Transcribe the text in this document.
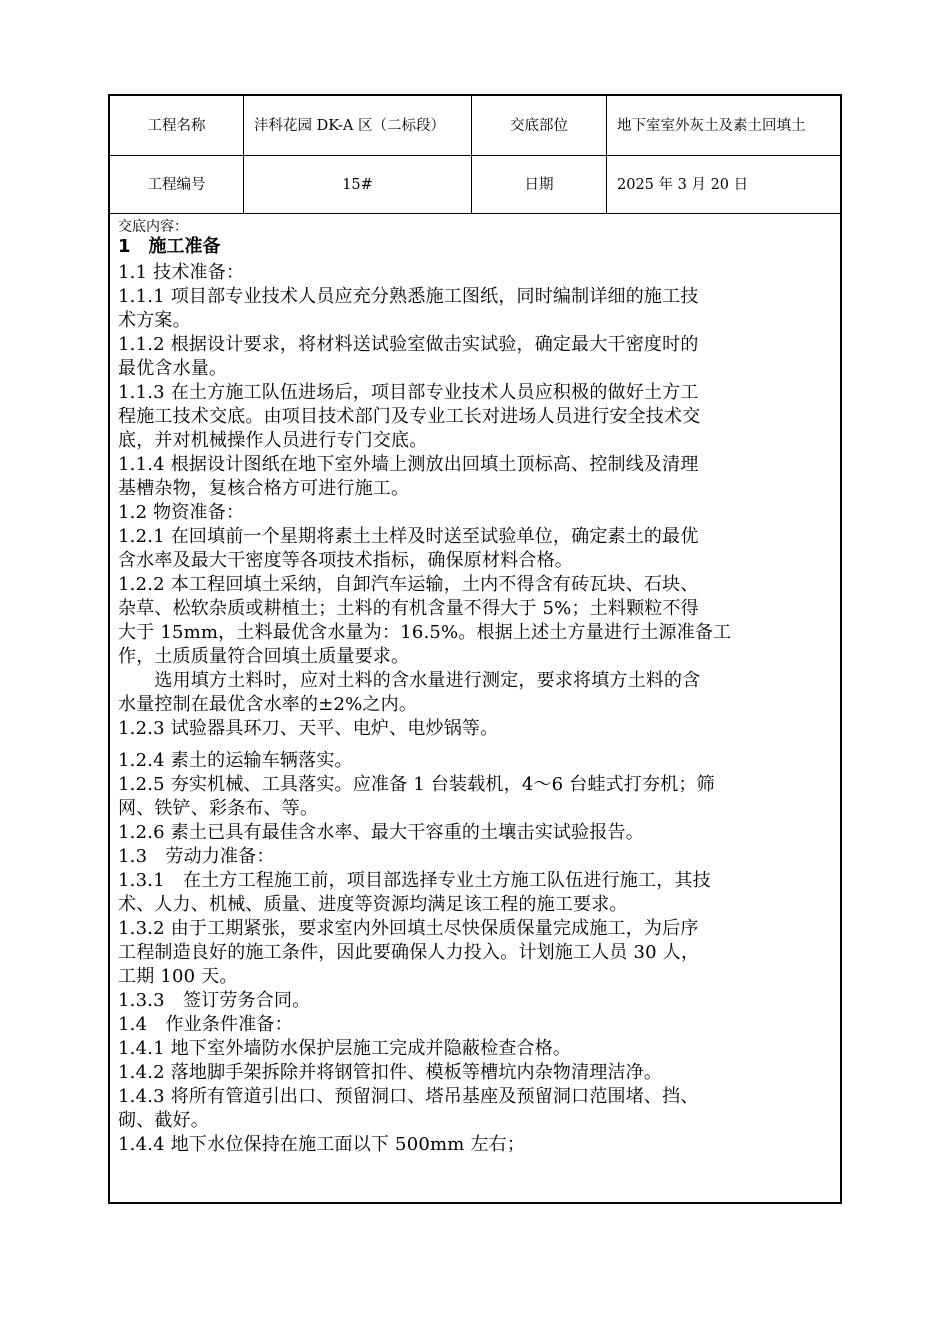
工程名称	沣科花园 DK-A 区（二标段）	交底部位	地下室室外灰土及素土回填土
工程编号	15#	日期	2025 年 3 月 20 日
交底内容：
1　施工准备
1.1 技术准备：
1.1.1 项目部专业技术人员应充分熟悉施工图纸，同时编制详细的施工技
术方案。
1.1.2 根据设计要求，将材料送试验室做击实试验，确定最大干密度时的
最优含水量。
1.1.3 在土方施工队伍进场后，项目部专业技术人员应积极的做好土方工
程施工技术交底。由项目技术部门及专业工长对进场人员进行安全技术交
底，并对机械操作人员进行专门交底。
1.1.4 根据设计图纸在地下室外墙上测放出回填土顶标高、控制线及清理
基槽杂物，复核合格方可进行施工。
1.2 物资准备：
1.2.1 在回填前一个星期将素土土样及时送至试验单位，确定素土的最优
含水率及最大干密度等各项技术指标，确保原材料合格。
1.2.2 本工程回填土采纳，自卸汽车运输，土内不得含有砖瓦块、石块、
杂草、松软杂质或耕植土；土料的有机含量不得大于 5%；土料颗粒不得
大于 15mm，土料最优含水量为：16.5%。根据上述土方量进行土源准备工
作，土质质量符合回填土质量要求。
　　选用填方土料时，应对土料的含水量进行测定，要求将填方土料的含
水量控制在最优含水率的±2%之内。
1.2.3 试验器具环刀、天平、电炉、电炒锅等。
1.2.4 素土的运输车辆落实。
1.2.5 夯实机械、工具落实。应准备 1 台装载机，4～6 台蛙式打夯机；筛
网、铁铲、彩条布、等。
1.2.6 素土已具有最佳含水率、最大干容重的土壤击实试验报告。
1.3　劳动力准备：
1.3.1　在土方工程施工前，项目部选择专业土方施工队伍进行施工，其技
术、人力、机械、质量、进度等资源均满足该工程的施工要求。
1.3.2 由于工期紧张，要求室内外回填土尽快保质保量完成施工，为后序
工程制造良好的施工条件，因此要确保人力投入。计划施工人员 30 人，
工期 100 天。
1.3.3　签订劳务合同。
1.4　作业条件准备：
1.4.1 地下室外墙防水保护层施工完成并隐蔽检查合格。
1.4.2 落地脚手架拆除并将钢管扣件、模板等槽坑内杂物清理洁净。
1.4.3 将所有管道引出口、预留洞口、塔吊基座及预留洞口范围堵、挡、
砌、截好。
1.4.4 地下水位保持在施工面以下 500mm 左右；
